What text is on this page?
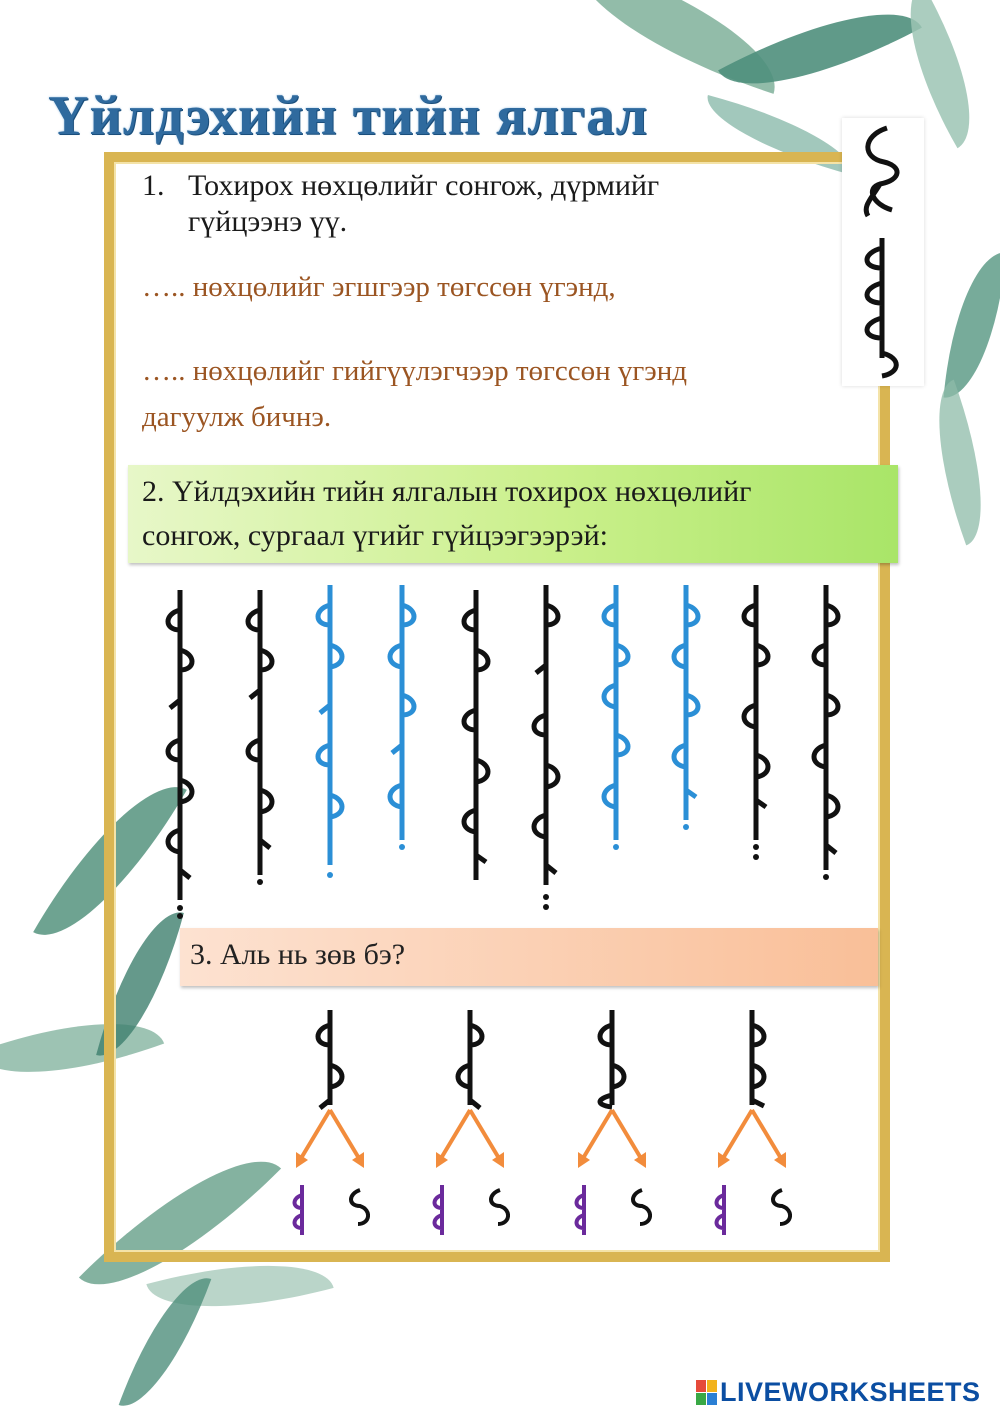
Үйлдэхийн тийн ялгал
1. Тохирох нөхцөлийг сонгож, дүрмийг
гүйцээнэ үү.
….. нөхцөлийг эгшгээр төгссөн үгэнд,
….. нөхцөлийг гийгүүлэгчээр төгссөн үгэнд
дагуулж бичнэ.
2. Үйлдэхийн тийн ялгалын тохирох нөхцөлийг
сонгож, сургаал үгийг гүйцээгээрэй:
3. Аль нь зөв бэ?
LIVEWORKSHEETS
